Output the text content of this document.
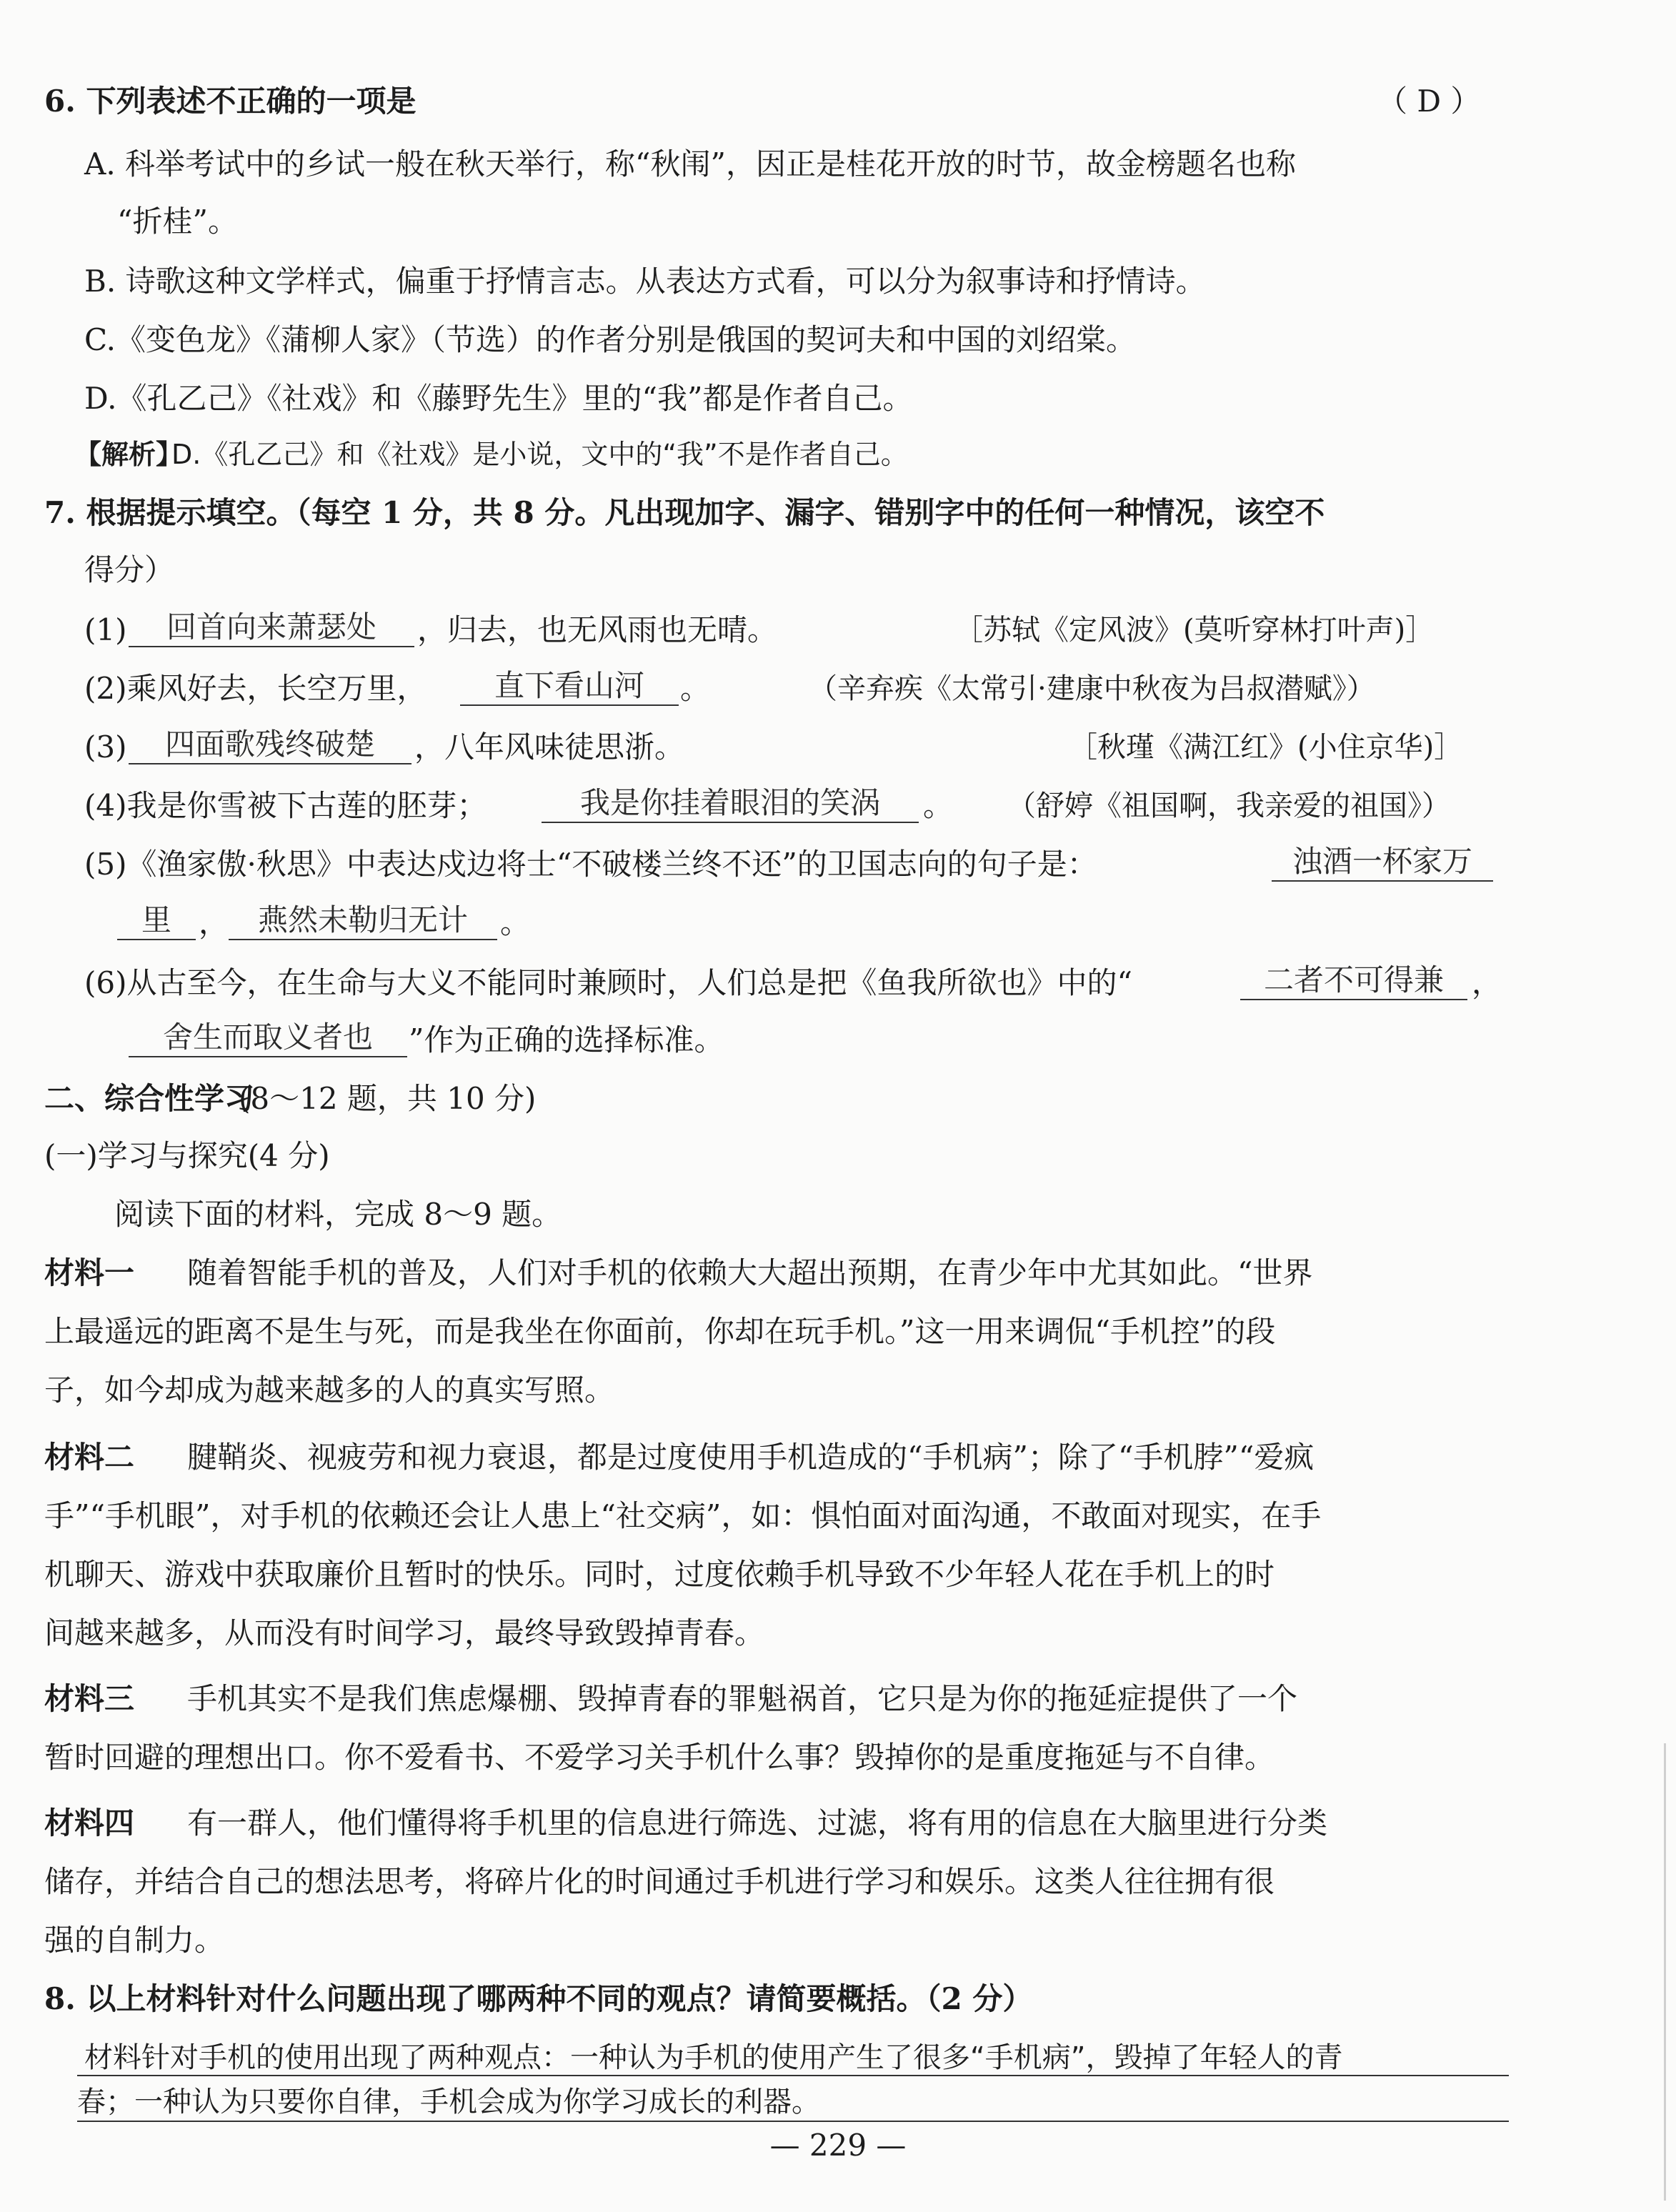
6. 下列表述不正确的一项是	（ D ）
A. 科举考试中的乡试一般在秋天举行，称“秋闱”，因正是桂花开放的时节，故金榜题名也称
“折桂”。
B. 诗歌这种文学样式，偏重于抒情言志。从表达方式看，可以分为叙事诗和抒情诗。
C.《变色龙》《蒲柳人家》（节选）的作者分别是俄国的契诃夫和中国的刘绍棠。
D.《孔乙己》《社戏》和《藤野先生》里的“我”都是作者自己。
【解析】
D.《孔乙己》和《社戏》是小说，文中的“我”不是作者自己。
7. 根据提示填空。（每空 1 分，共 8 分。凡出现加字、漏字、错别字中的任何一种情况，该空不
得分）
(1)	回首向来萧瑟处	，归去，也无风雨也无晴。	［苏轼《定风波》(莫听穿林打叶声)］
(2)乘风好去，长空万里，	直下看山河	。	（辛弃疾《太常引·建康中秋夜为吕叔潜赋》）
(3)	四面歌残终破楚	，八年风味徒思浙。	［秋瑾《满江红》(小住京华)］
(4)我是你雪被下古莲的胚芽；	我是你挂着眼泪的笑涡	。 （舒婷《祖国啊，我亲爱的祖国》）
(5)《渔家傲·秋思》中表达戍边将士“不破楼兰终不还”的卫国志向的句子是：	浊酒一杯家万
里 ， 燕然未勒归无计	。
(6)从古至今，在生命与大义不能同时兼顾时，人们总是把《鱼我所欲也》中的“	二者不可得兼 ，
舍生而取义者也	”作为正确的选择标准。
二、综合性学习
(8～12 题，共 10 分)
(一)学习与探究(4 分)
阅读下面的材料，完成 8～9 题。
材料一 随着智能手机的普及，人们对手机的依赖大大超出预期，在青少年中尤其如此。“世界
上最遥远的距离不是生与死，而是我坐在你面前，你却在玩手机。”这一用来调侃“手机控”的段
子，如今却成为越来越多的人的真实写照。
材料二 腱鞘炎、视疲劳和视力衰退，都是过度使用手机造成的“手机病”；除了“手机脖”“爱疯
手”“手机眼”，对手机的依赖还会让人患上“社交病”，如：惧怕面对面沟通，不敢面对现实，在手
机聊天、游戏中获取廉价且暂时的快乐。同时，过度依赖手机导致不少年轻人花在手机上的时
间越来越多，从而没有时间学习，最终导致毁掉青春。
材料三 手机其实不是我们焦虑爆棚、毁掉青春的罪魁祸首，它只是为你的拖延症提供了一个
暂时回避的理想出口。你不爱看书、不爱学习关手机什么事？毁掉你的是重度拖延与不自律。
材料四 有一群人，他们懂得将手机里的信息进行筛选、过滤，将有用的信息在大脑里进行分类
储存，并结合自己的想法思考，将碎片化的时间通过手机进行学习和娱乐。这类人往往拥有很
强的自制力。
8. 以上材料针对什么问题出现了哪两种不同的观点？请简要概括。（2 分）
材料针对手机的使用出现了两种观点：一种认为手机的使用产生了很多“手机病”，毁掉了年轻人的青
春；一种认为只要你自律，手机会成为你学习成长的利器。
— 229 —
